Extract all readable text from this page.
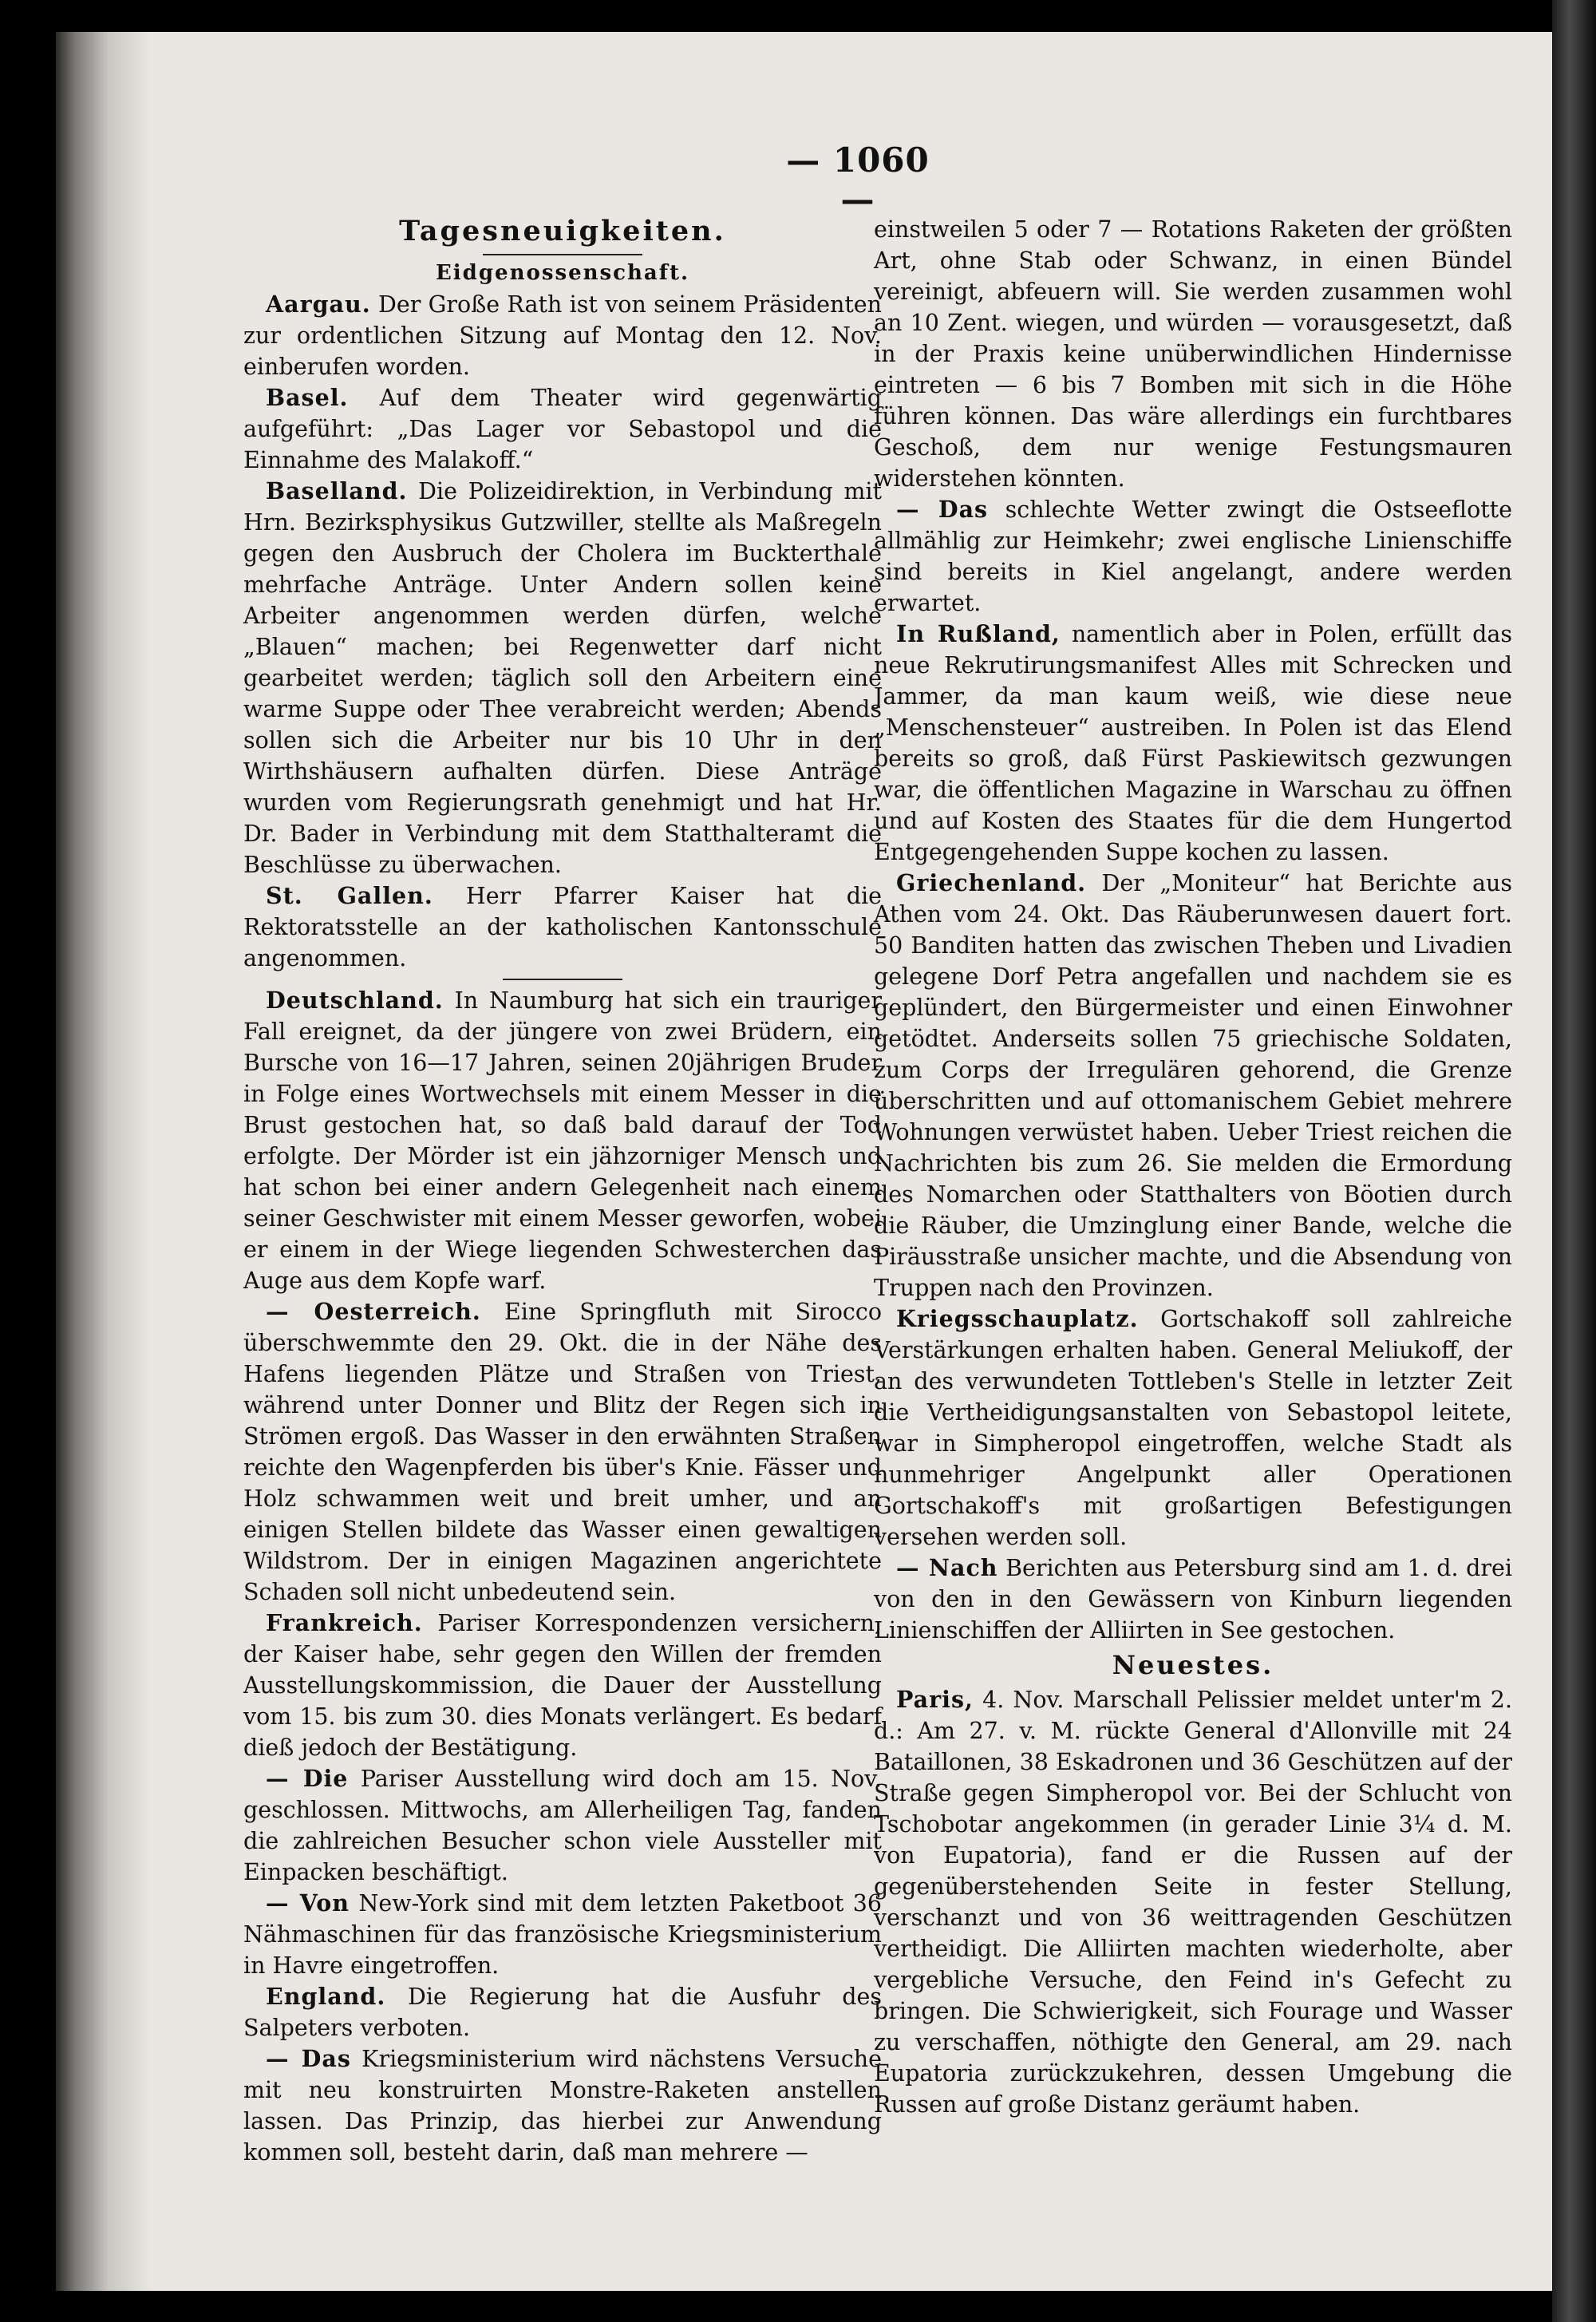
— 1060 —
Tagesneuigkeiten.
Eidgenossenschaft.

Aargau. Der Große Rath ist von seinem Präsidenten zur ordentlichen Sitzung auf Montag den 12. Nov. einberufen worden.

Basel. Auf dem Theater wird gegenwärtig aufgeführt: „Das Lager vor Sebastopol und die Einnahme des Malakoff.“

Baselland. Die Polizeidirektion, in Verbindung mit Hrn. Bezirksphysikus Gutzwiller, stellte als Maßregeln gegen den Ausbruch der Cholera im Buckterthale mehrfache Anträge. Unter Andern sollen keine Arbeiter angenommen werden dürfen, welche „Blauen“ machen; bei Regenwetter darf nicht gearbeitet werden; täglich soll den Arbeitern eine warme Suppe oder Thee verabreicht werden; Abends sollen sich die Arbeiter nur bis 10 Uhr in den Wirthshäusern aufhalten dürfen. Diese Anträge wurden vom Regierungsrath genehmigt und hat Hr. Dr. Bader in Verbindung mit dem Statthalteramt die Beschlüsse zu überwachen.

St. Gallen. Herr Pfarrer Kaiser hat die Rektoratsstelle an der katholischen Kantonsschule angenommen.

Deutschland. In Naumburg hat sich ein trauriger Fall ereignet, da der jüngere von zwei Brüdern, ein Bursche von 16—17 Jahren, seinen 20jährigen Bruder in Folge eines Wortwechsels mit einem Messer in die Brust gestochen hat, so daß bald darauf der Tod erfolgte. Der Mörder ist ein jähzorniger Mensch und hat schon bei einer andern Gelegenheit nach einem seiner Geschwister mit einem Messer geworfen, wobei er einem in der Wiege liegenden Schwesterchen das Auge aus dem Kopfe warf.

— Oesterreich. Eine Springfluth mit Sirocco überschwemmte den 29. Okt. die in der Nähe des Hafens liegenden Plätze und Straßen von Triest, während unter Donner und Blitz der Regen sich in Strömen ergoß. Das Wasser in den erwähnten Straßen reichte den Wagenpferden bis über's Knie. Fässer und Holz schwammen weit und breit umher, und an einigen Stellen bildete das Wasser einen gewaltigen Wildstrom. Der in einigen Magazinen angerichtete Schaden soll nicht unbedeutend sein.

Frankreich. Pariser Korrespondenzen versichern, der Kaiser habe, sehr gegen den Willen der fremden Ausstellungskommission, die Dauer der Ausstellung vom 15. bis zum 30. dies Monats verlängert. Es bedarf dieß jedoch der Bestätigung.

— Die Pariser Ausstellung wird doch am 15. Nov. geschlossen. Mittwochs, am Allerheiligen Tag, fanden die zahlreichen Besucher schon viele Aussteller mit Einpacken beschäftigt.

— Von New-York sind mit dem letzten Paketboot 36 Nähmaschinen für das französische Kriegsministerium in Havre eingetroffen.

England. Die Regierung hat die Ausfuhr des Salpeters verboten.

— Das Kriegsministerium wird nächstens Versuche mit neu konstruirten Monstre-Raketen anstellen lassen. Das Prinzip, das hierbei zur Anwendung kommen soll, besteht darin, daß man mehrere —

einstweilen 5 oder 7 — Rotations Raketen der größten Art, ohne Stab oder Schwanz, in einen Bündel vereinigt, abfeuern will. Sie werden zusammen wohl an 10 Zent. wiegen, und würden — vorausgesetzt, daß in der Praxis keine unüberwindlichen Hindernisse eintreten — 6 bis 7 Bomben mit sich in die Höhe führen können. Das wäre allerdings ein furchtbares Geschoß, dem nur wenige Festungsmauren widerstehen könnten.

— Das schlechte Wetter zwingt die Ostseeflotte allmählig zur Heimkehr; zwei englische Linienschiffe sind bereits in Kiel angelangt, andere werden erwartet.

In Rußland, namentlich aber in Polen, erfüllt das neue Rekrutirungsmanifest Alles mit Schrecken und Jammer, da man kaum weiß, wie diese neue „Menschensteuer“ austreiben. In Polen ist das Elend bereits so groß, daß Fürst Paskiewitsch gezwungen war, die öffentlichen Magazine in Warschau zu öffnen und auf Kosten des Staates für die dem Hungertod Entgegengehenden Suppe kochen zu lassen.

Griechenland. Der „Moniteur“ hat Berichte aus Athen vom 24. Okt. Das Räuberunwesen dauert fort. 50 Banditen hatten das zwischen Theben und Livadien gelegene Dorf Petra angefallen und nachdem sie es geplündert, den Bürgermeister und einen Einwohner getödtet. Anderseits sollen 75 griechische Soldaten, zum Corps der Irregulären gehorend, die Grenze überschritten und auf ottomanischem Gebiet mehrere Wohnungen verwüstet haben. Ueber Triest reichen die Nachrichten bis zum 26. Sie melden die Ermordung des Nomarchen oder Statthalters von Böotien durch die Räuber, die Umzinglung einer Bande, welche die Piräusstraße unsicher machte, und die Absendung von Truppen nach den Provinzen.

Kriegsschauplatz. Gortschakoff soll zahlreiche Verstärkungen erhalten haben. General Meliukoff, der an des verwundeten Tottleben's Stelle in letzter Zeit die Vertheidigungsanstalten von Sebastopol leitete, war in Simpheropol eingetroffen, welche Stadt als nunmehriger Angelpunkt aller Operationen Gortschakoff's mit großartigen Befestigungen versehen werden soll.

— Nach Berichten aus Petersburg sind am 1. d. drei von den in den Gewässern von Kinburn liegenden Linienschiffen der Alliirten in See gestochen.

Neuestes.

Paris, 4. Nov. Marschall Pelissier meldet unter'm 2. d.: Am 27. v. M. rückte General d'Allonville mit 24 Bataillonen, 38 Eskadronen und 36 Geschützen auf der Straße gegen Simpheropol vor. Bei der Schlucht von Tschobotar angekommen (in gerader Linie 3¼ d. M. von Eupatoria), fand er die Russen auf der gegenüberstehenden Seite in fester Stellung, verschanzt und von 36 weittragenden Geschützen vertheidigt. Die Alliirten machten wiederholte, aber vergebliche Versuche, den Feind in's Gefecht zu bringen. Die Schwierigkeit, sich Fourage und Wasser zu verschaffen, nöthigte den General, am 29. nach Eupatoria zurückzukehren, dessen Umgebung die Russen auf große Distanz geräumt haben.
